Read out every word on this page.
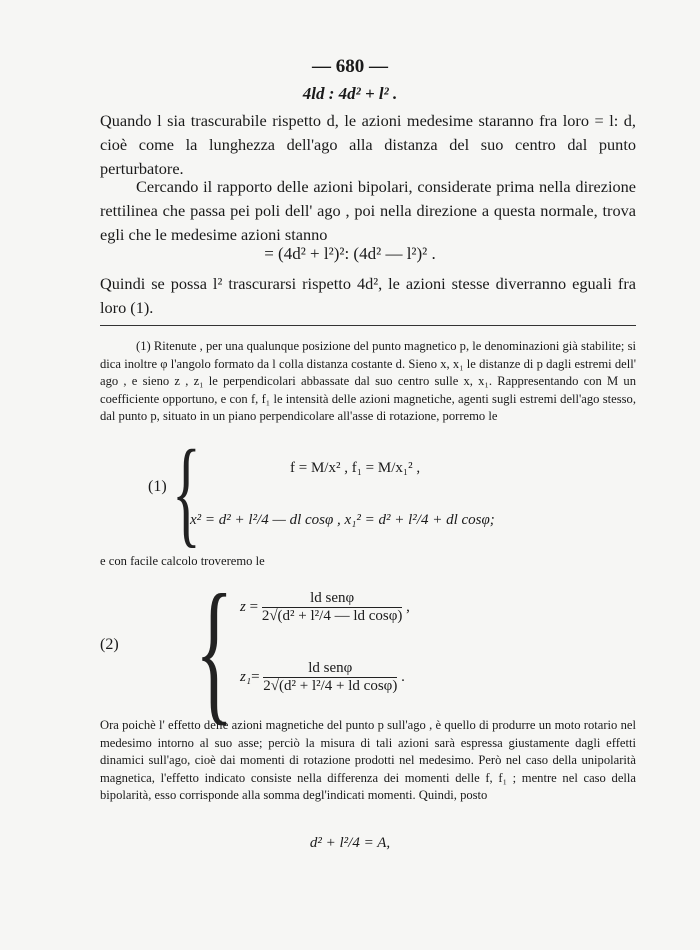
— 680 —
4ld : 4d² + l² .
Quando l sia trascurabile rispetto d, le azioni medesime staranno fra loro = l: d, cioè come la lunghezza dell'ago alla distanza del suo centro dal punto perturbatore.
Cercando il rapporto delle azioni bipolari, considerate prima nella direzione rettilinea che passa pei poli dell' ago , poi nella direzione a questa normale, trova egli che le medesime azioni stanno
= (4d² + l²)²: (4d² — l²)² .
Quindi se possa l² trascurarsi rispetto 4d², le azioni stesse diverranno eguali fra loro (1).
(1) Ritenute , per una qualunque posizione del punto magnetico p, le denominazioni già stabilite; si dica inoltre φ l'angolo formato da l colla distanza costante d. Sieno x, x₁ le distanze di p dagli estremi dell' ago , e sieno z , z₁ le perpendicolari abbassate dal suo centro sulle x, x₁. Rappresentando con M un coefficiente opportuno, e con f, f₁ le intensità delle azioni magnetiche, agenti sugli estremi dell'ago stesso, dal punto p, situato in un piano perpendicolare all'asse di rotazione, porremo le
(1) {	f = M/x² , f₁ = M/x₁² ,
x² = d² + l²/4 — dl cosφ , x₁² = d² + l²/4 + dl cosφ;
e con facile calcolo troveremo le
(2) { $z = \frac{\text{ld senφ}}{\text{2√(d² + l²/4 — ld cosφ)}}$ ,
$z_1= \frac{\text{ld senφ}}{\text{2√(d² + l²/4 + ld cosφ)}}$ .
Ora poichè l' effetto delle azioni magnetiche del punto p sull'ago , è quello di produrre un moto rotario nel medesimo intorno al suo asse; perciò la misura di tali azioni sarà espressa giustamente dagli effetti dinamici sull'ago, cioè dai momenti di rotazione prodotti nel medesimo. Però nel caso della unipolarità magnetica, l'effetto indicato consiste nella differenza dei momenti delle f, f₁ ; mentre nel caso della bipolarità, esso corrisponde alla somma degl'indicati momenti. Quindi, posto
d² + l²/4 = A,
